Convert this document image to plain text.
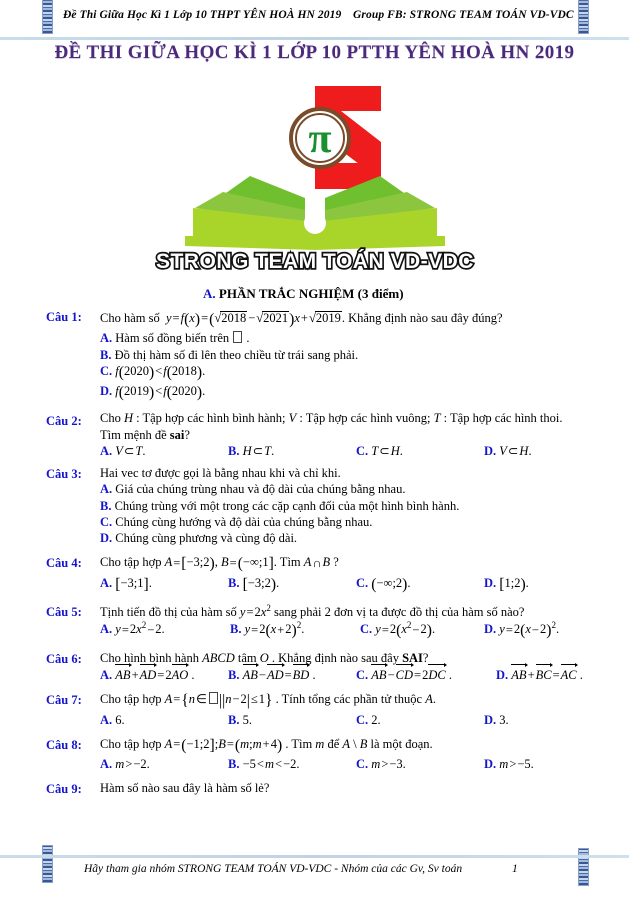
Đề Thi Giữa Học Kì 1 Lớp 10 THPT YÊN HOÀ HN 2019 Group FB: STRONG TEAM TOÁN VD-VDC
ĐỀ THI GIỮA HỌC KÌ 1 LỚP 10 PTTH YÊN HOÀ HN 2019
π
STRONG TEAM TOÁN VD-VDC
A. PHẦN TRẮC NGHIỆM (3 điểm)
Câu 1: Cho hàm số  y=f(x)=(√2018 −√2021)x+√2019. Khẳng định nào sau đây đúng?
A. Hàm số đồng biến trên  .
B. Đồ thị hàm số đi lên theo chiều từ trái sang phải.
C. f(2020)<f(2018).
D. f(2019)<f(2020).
Câu 2: Cho H : Tập hợp các hình bình hành; V : Tập hợp các hình vuông; T : Tập hợp các hình thoi.
Tìm mệnh đề sai?
A. V⊂T.	B. H⊂T.	C. T⊂H.	D. V⊂H.
Câu 3: Hai vec tơ được gọi là bằng nhau khi và chỉ khi.
A. Giá của chúng trùng nhau và độ dài của chúng bằng nhau.
B. Chúng trùng với một trong các cặp cạnh đối của một hình bình hành.
C. Chúng cùng hướng và độ dài của chúng bằng nhau.
D. Chúng cùng phương và cùng độ dài.
Câu 4: Cho tập hợp A=[−3;2), B=(−∞;1]. Tìm A∩B ?
A. [−3;1].	B. [−3;2).	C. (−∞;2).	D. [1;2).
Câu 5: Tịnh tiến đồ thị của hàm số $y=2x^2$ sang phải 2 đơn vị ta được đồ thị của hàm số nào?
A. $y=2x^2-2$.	B. $y=2(x+2)^2$.	C. $y=2(x^2-2)$.	D. $y=2(x-2)^2$.
Câu 6: Cho hình bình hành ABCD tâm O . Khẳng định nào sau đây SAI?
A. AB+AD=2AO .	B. AB−AD=BD .	C. AB−CD=2DC .	D. AB+BC=AC .
Câu 7: Cho tập hợp A={n∈ ||n−2|≤1} . Tính tổng các phần tử thuộc A.
A. 6.	B. 5.	C. 2.	D. 3.
Câu 8: Cho tập hợp A=(−1;2];B=(m;m+4) . Tìm m để A \ B là một đoạn.
A. m>−2.	B. −5<m<−2.	C. m>−3.	D. m>−5.
Câu 9: Hàm số nào sau đây là hàm số lẻ?
Hãy tham gia nhóm STRONG TEAM TOÁN VD-VDC - Nhóm của các Gv, Sv toán	1
